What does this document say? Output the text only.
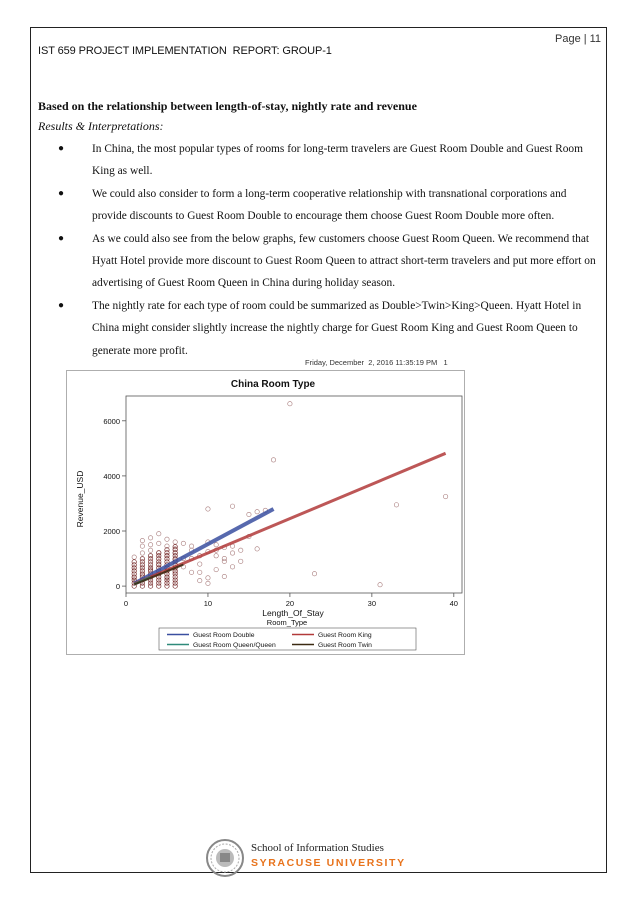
Page | 11
IST 659 PROJECT IMPLEMENTATION  REPORT: GROUP-1
Based on the relationship between length-of-stay, nightly rate and revenue
Results & Interpretations:
● In China, the most popular types of rooms for long-term travelers are Guest Room Double and Guest Room King as well.
● We could also consider to form a long-term cooperative relationship with transnational corporations and provide discounts to Guest Room Double to encourage them choose Guest Room Double more often.
● As we could also see from the below graphs, few customers choose Guest Room Queen. We recommend that Hyatt Hotel provide more discount to Guest Room Queen to attract short-term travelers and put more effort on advertising of Guest Room Queen in China during holiday season.
● The nightly rate for each type of room could be summarized as Double>Twin>King>Queen. Hyatt Hotel in China might consider slightly increase the nightly charge for Guest Room King and Guest Room Queen to generate more profit.
Friday, December  2, 2016 11:35:19 PM   1
China Room Type
Revenue_USD
Length_Of_Stay
0
2000
4000
6000
0	10	20	30	40
Room_Type
Guest Room Double	Guest Room King
Guest Room Queen/Queen	Guest Room Twin
School of Information Studies
SYRACUSE UNIVERSITY
